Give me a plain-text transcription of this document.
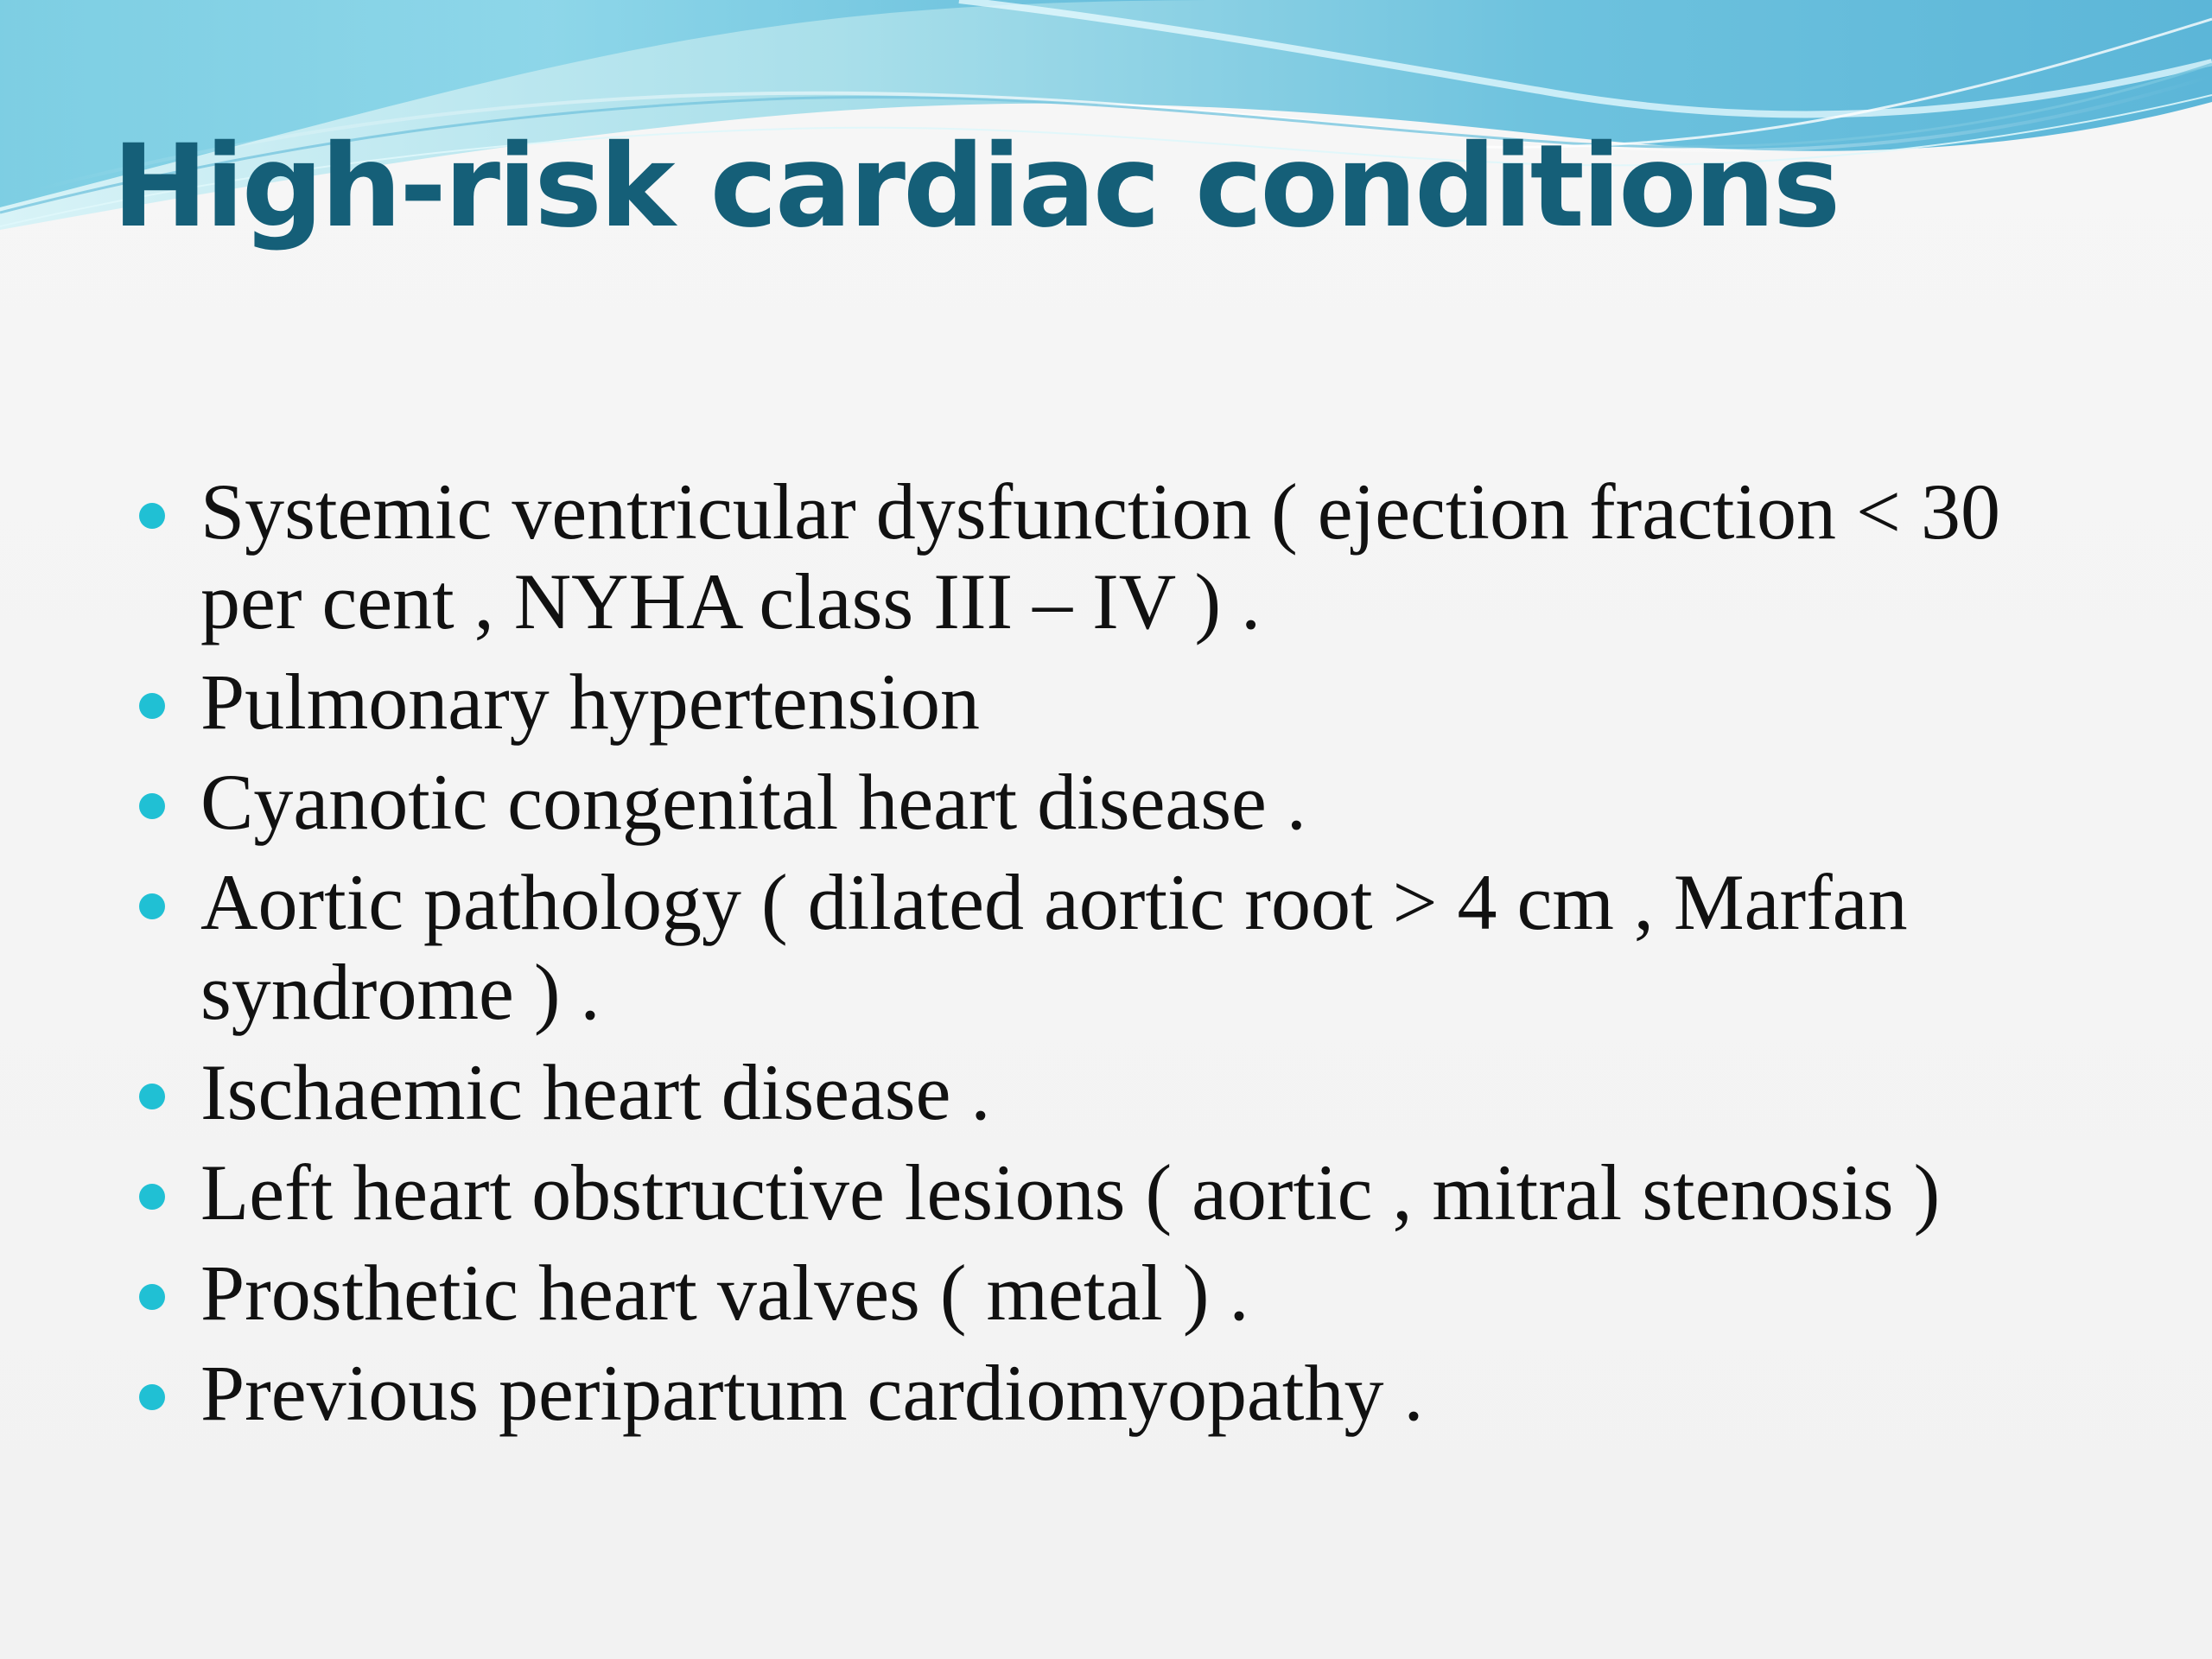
High-risk cardiac conditions
Systemic ventricular dysfunction ( ejection fraction < 30 per cent , NYHA class III – IV ) .
Pulmonary hypertension
Cyanotic congenital heart disease .
Aortic pathology ( dilated aortic root > 4 cm , Marfan syndrome ) .
Ischaemic heart disease .
Left heart obstructive lesions ( aortic , mitral stenosis )
Prosthetic heart valves ( metal ) .
Previous peripartum cardiomyopathy .
